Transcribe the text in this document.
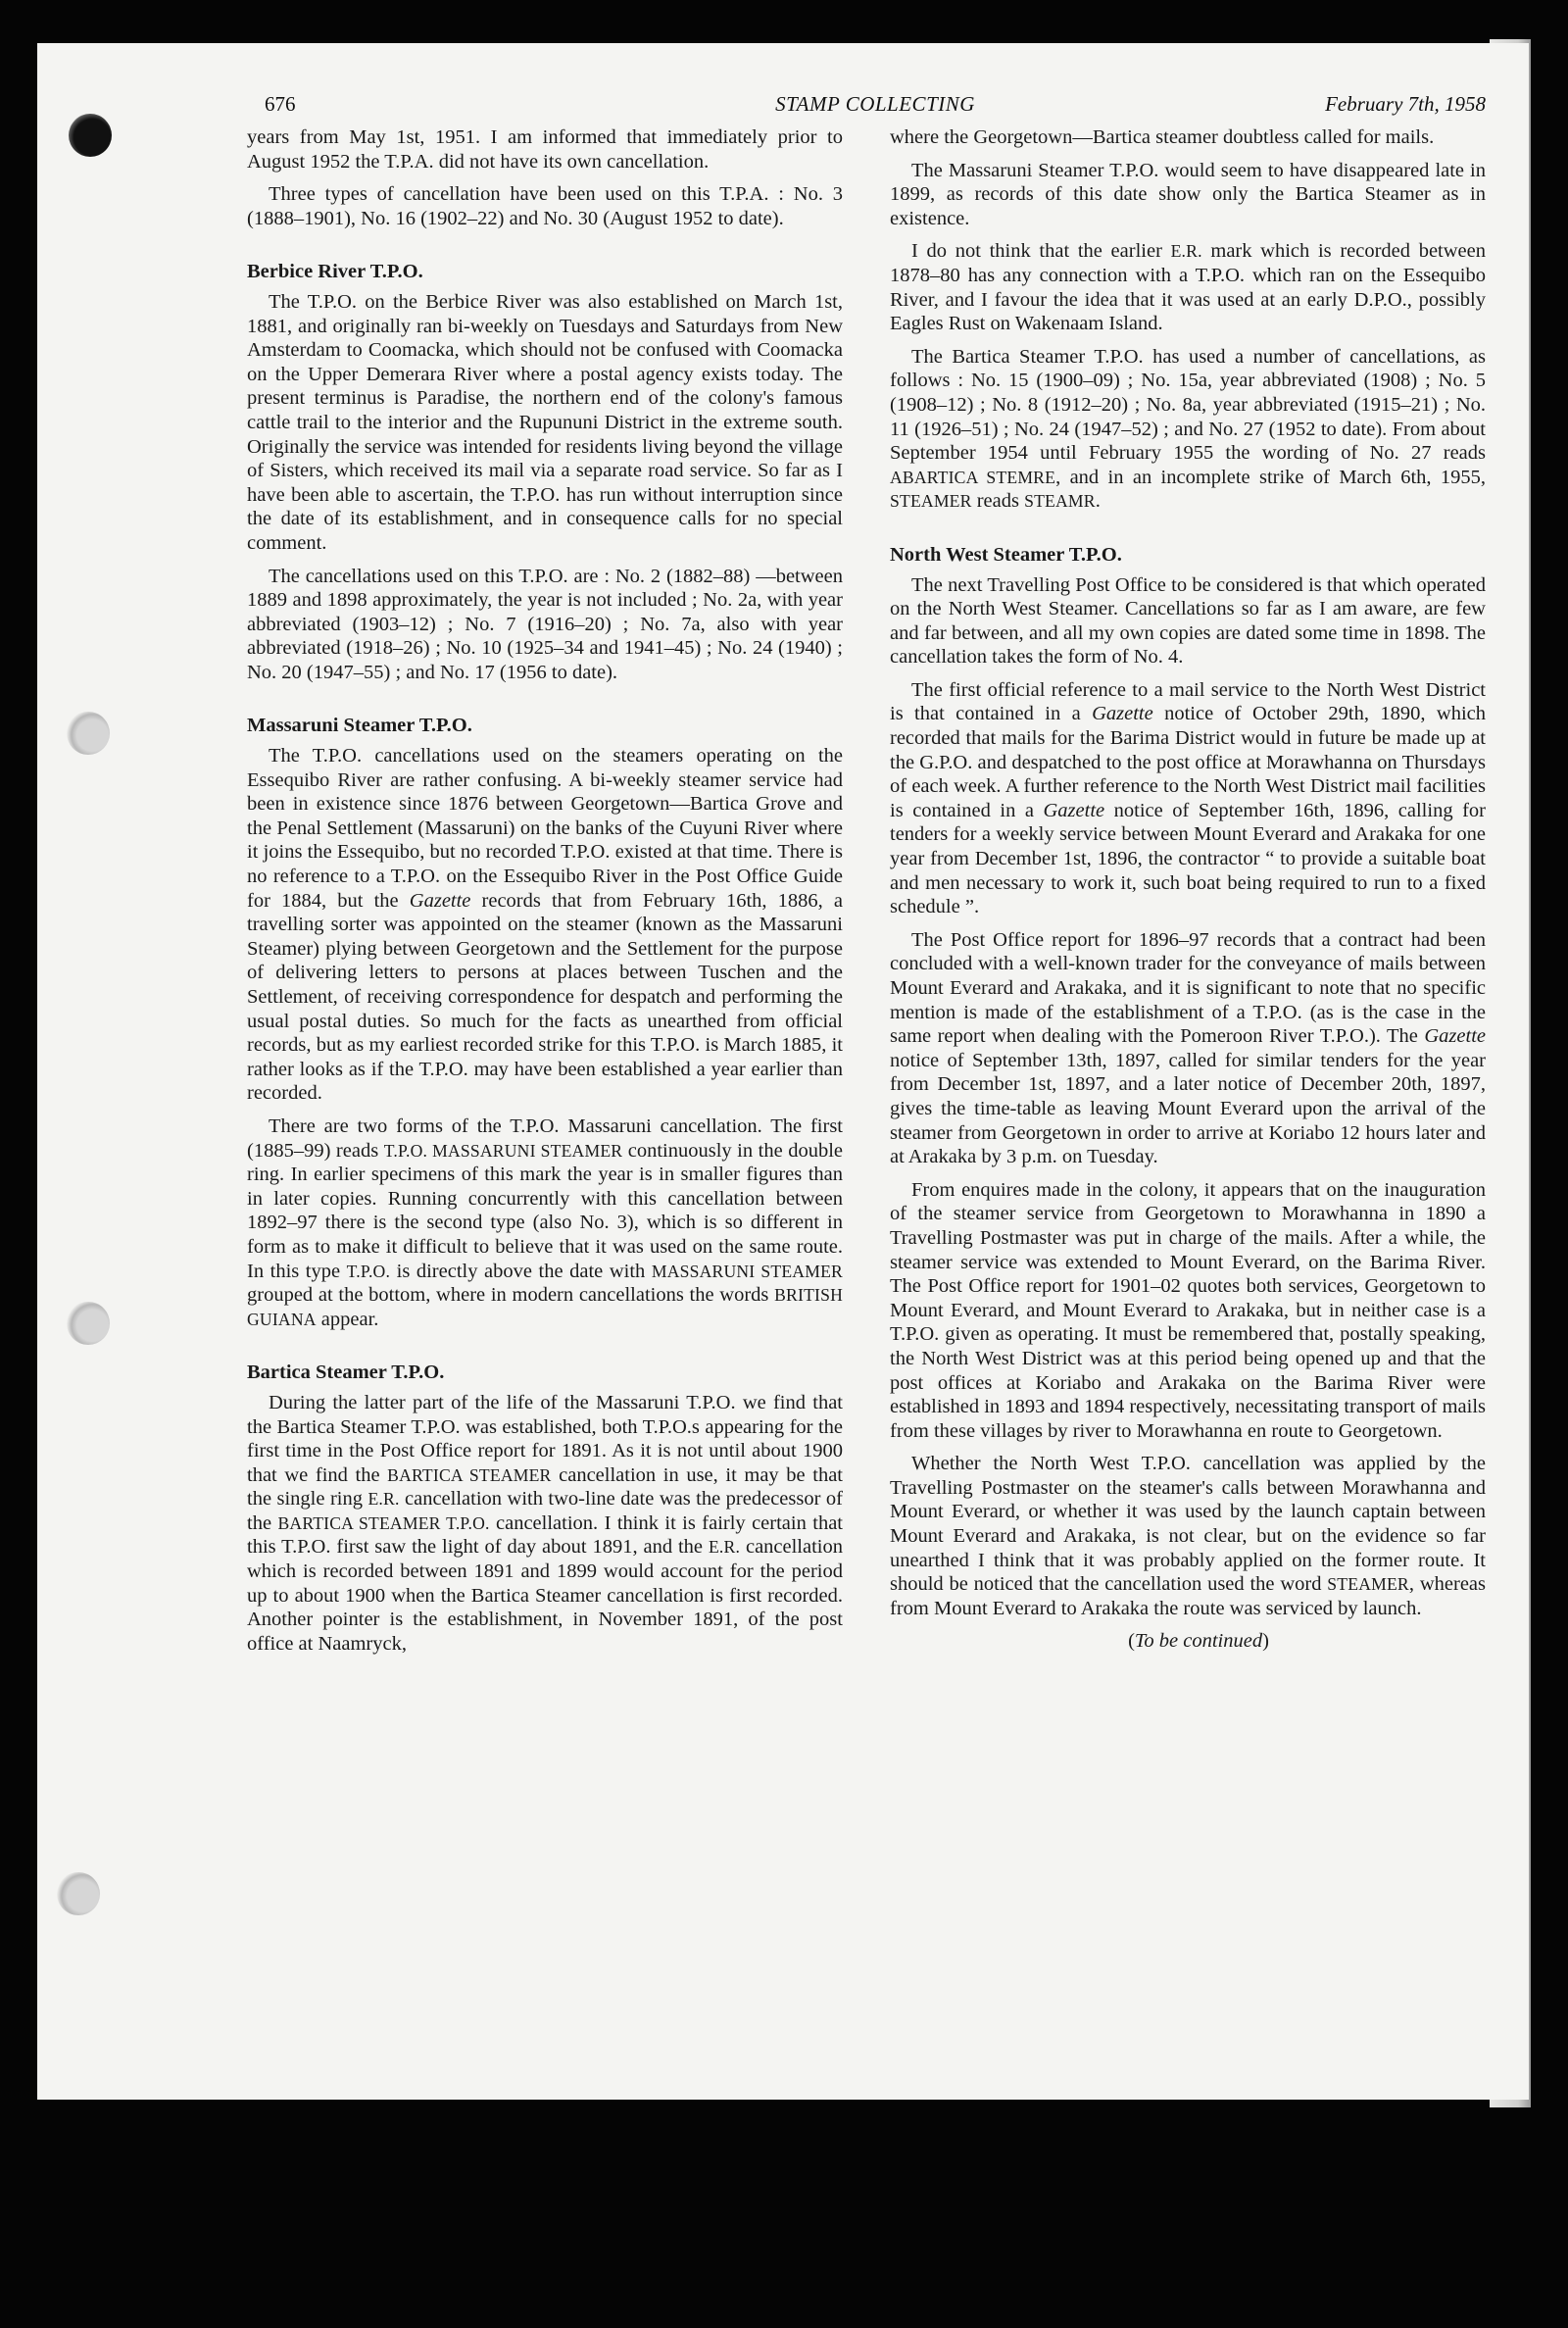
676	STAMP COLLECTING	February 7th, 1958

years from May 1st, 1951. I am informed that immediately prior to August 1952 the T.P.A. did not have its own cancellation.

Three types of cancellation have been used on this T.P.A. : No. 3 (1888–1901), No. 16 (1902–22) and No. 30 (August 1952 to date).

Berbice River T.P.O.

The T.P.O. on the Berbice River was also established on March 1st, 1881, and originally ran bi-weekly on Tuesdays and Saturdays from New Amsterdam to Coomacka, which should not be confused with Coomacka on the Upper Demerara River where a postal agency exists today. The present terminus is Paradise, the northern end of the colony's famous cattle trail to the interior and the Rupununi District in the extreme south. Originally the service was intended for residents living beyond the village of Sisters, which received its mail via a separate road service. So far as I have been able to ascertain, the T.P.O. has run without interruption since the date of its establishment, and in consequence calls for no special comment.

The cancellations used on this T.P.O. are : No. 2 (1882–88) —between 1889 and 1898 approximately, the year is not included ; No. 2a, with year abbreviated (1903–12) ; No. 7 (1916–20) ; No. 7a, also with year abbreviated (1918–26) ; No. 10 (1925–34 and 1941–45) ; No. 24 (1940) ; No. 20 (1947–55) ; and No. 17 (1956 to date).

Massaruni Steamer T.P.O.

The T.P.O. cancellations used on the steamers operating on the Essequibo River are rather confusing. A bi-weekly steamer service had been in existence since 1876 between Georgetown—Bartica Grove and the Penal Settlement (Massaruni) on the banks of the Cuyuni River where it joins the Essequibo, but no recorded T.P.O. existed at that time. There is no reference to a T.P.O. on the Essequibo River in the Post Office Guide for 1884, but the Gazette records that from February 16th, 1886, a travelling sorter was appointed on the steamer (known as the Massaruni Steamer) plying between Georgetown and the Settlement for the purpose of delivering letters to persons at places between Tuschen and the Settlement, of receiving correspondence for despatch and performing the usual postal duties. So much for the facts as unearthed from official records, but as my earliest recorded strike for this T.P.O. is March 1885, it rather looks as if the T.P.O. may have been established a year earlier than recorded.

There are two forms of the T.P.O. Massaruni cancellation. The first (1885–99) reads T.P.O. MASSARUNI STEAMER continuously in the double ring. In earlier specimens of this mark the year is in smaller figures than in later copies. Running concurrently with this cancellation between 1892–97 there is the second type (also No. 3), which is so different in form as to make it difficult to believe that it was used on the same route. In this type T.P.O. is directly above the date with MASSARUNI STEAMER grouped at the bottom, where in modern cancellations the words BRITISH GUIANA appear.

Bartica Steamer T.P.O.

During the latter part of the life of the Massaruni T.P.O. we find that the Bartica Steamer T.P.O. was established, both T.P.O.s appearing for the first time in the Post Office report for 1891. As it is not until about 1900 that we find the BARTICA STEAMER cancellation in use, it may be that the single ring E.R. cancellation with two-line date was the predecessor of the BARTICA STEAMER T.P.O. cancellation. I think it is fairly certain that this T.P.O. first saw the light of day about 1891, and the E.R. cancellation which is recorded between 1891 and 1899 would account for the period up to about 1900 when the Bartica Steamer cancellation is first recorded. Another pointer is the establishment, in November 1891, of the post office at Naamryck,

where the Georgetown—Bartica steamer doubtless called for mails.

The Massaruni Steamer T.P.O. would seem to have disappeared late in 1899, as records of this date show only the Bartica Steamer as in existence.

I do not think that the earlier E.R. mark which is recorded between 1878–80 has any connection with a T.P.O. which ran on the Essequibo River, and I favour the idea that it was used at an early D.P.O., possibly Eagles Rust on Wakenaam Island.

The Bartica Steamer T.P.O. has used a number of cancellations, as follows : No. 15 (1900–09) ; No. 15a, year abbreviated (1908) ; No. 5 (1908–12) ; No. 8 (1912–20) ; No. 8a, year abbreviated (1915–21) ; No. 11 (1926–51) ; No. 24 (1947–52) ; and No. 27 (1952 to date). From about September 1954 until February 1955 the wording of No. 27 reads ABARTICA STEMRE, and in an incomplete strike of March 6th, 1955, STEAMER reads STEAMR.

North West Steamer T.P.O.

The next Travelling Post Office to be considered is that which operated on the North West Steamer. Cancellations so far as I am aware, are few and far between, and all my own copies are dated some time in 1898. The cancellation takes the form of No. 4.

The first official reference to a mail service to the North West District is that contained in a Gazette notice of October 29th, 1890, which recorded that mails for the Barima District would in future be made up at the G.P.O. and despatched to the post office at Morawhanna on Thursdays of each week. A further reference to the North West District mail facilities is contained in a Gazette notice of September 16th, 1896, calling for tenders for a weekly service between Mount Everard and Arakaka for one year from December 1st, 1896, the contractor “ to provide a suitable boat and men necessary to work it, such boat being required to run to a fixed schedule ”.

The Post Office report for 1896–97 records that a contract had been concluded with a well-known trader for the conveyance of mails between Mount Everard and Arakaka, and it is significant to note that no specific mention is made of the establishment of a T.P.O. (as is the case in the same report when dealing with the Pomeroon River T.P.O.). The Gazette notice of September 13th, 1897, called for similar tenders for the year from December 1st, 1897, and a later notice of December 20th, 1897, gives the time-table as leaving Mount Everard upon the arrival of the steamer from Georgetown in order to arrive at Koriabo 12 hours later and at Arakaka by 3 p.m. on Tuesday.

From enquires made in the colony, it appears that on the inauguration of the steamer service from Georgetown to Morawhanna in 1890 a Travelling Postmaster was put in charge of the mails. After a while, the steamer service was extended to Mount Everard, on the Barima River. The Post Office report for 1901–02 quotes both services, Georgetown to Mount Everard, and Mount Everard to Arakaka, but in neither case is a T.P.O. given as operating. It must be remembered that, postally speaking, the North West District was at this period being opened up and that the post offices at Koriabo and Arakaka on the Barima River were established in 1893 and 1894 respectively, necessitating transport of mails from these villages by river to Morawhanna en route to Georgetown.

Whether the North West T.P.O. cancellation was applied by the Travelling Postmaster on the steamer's calls between Morawhanna and Mount Everard, or whether it was used by the launch captain between Mount Everard and Arakaka, is not clear, but on the evidence so far unearthed I think that it was probably applied on the former route. It should be noticed that the cancellation used the word STEAMER, whereas from Mount Everard to Arakaka the route was serviced by launch.

(To be continued)
